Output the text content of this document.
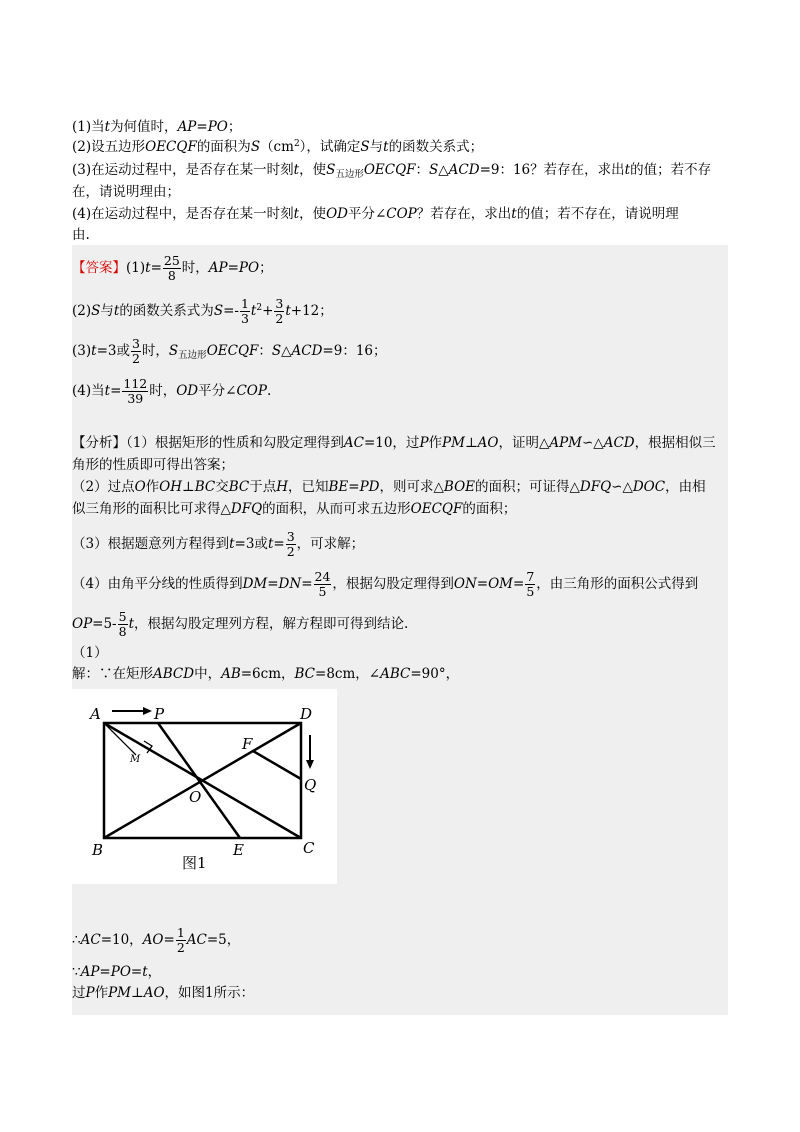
(1)当t为何值时，AP=PO；
(2)设五边形OECQF的面积为$S(cm^2)$，试确定S与t的函数关系式；
(3)在运动过程中，是否存在某一时刻t，使$S_{五边形}OECQF$：S△ACD=9：16？若存在，求出t的值；若不存
在，请说明理由；
(4)在运动过程中，是否存在某一时刻t，使OD平分∠COP？若存在，求出t的值；若不存在，请说明理
由.
【答案】$(1)t= \frac{25}{8}$ 时，AP=PO；
(2)S与t的函数关系式为$S=- \frac{1}{3} t^2+ \frac{3}{2} t+12$；
(3)t=3或 $\frac{3}{2}$ 时，$S_{五边形}OECQF$：S△ACD=9：16；
(4)当$t= \frac{112}{39}$ 时，OD平分∠COP.
【分析】（1）根据矩形的性质和勾股定理得到AC=10，过P作PM⊥AO，证明△APM∽△ACD，根据相似三
角形的性质即可得出答案；
（2）过点O作OH⊥BC交BC于点H，已知BE=PD，则可求△BOE的面积；可证得△DFQ∽△DOC，由相
似三角形的面积比可求得△DFQ的面积，从而可求五边形OECQF的面积；
（3）根据题意列方程得到t=3或$t= \frac{3}{2}$ ，可求解；
（4）由角平分线的性质得到$DM=DN= \frac{24}{5}$ ，根据勾股定理得到$ON=OM= \frac{7}{5}$ ，由三角形的面积公式得到
$OP=5- \frac{5}{8}$ t，根据勾股定理列方程，解方程即可得到结论.
（1）
解：∵在矩形ABCD中，AB=6cm，BC=8cm，∠ABC=90°，
A	P	D
F
Q
O
B	E	C
M
图1
∴AC=10，$AO= \frac{1}{2} AC=5$，
∵AP=PO=t，
过P作PM⊥AO，如图1所示：
